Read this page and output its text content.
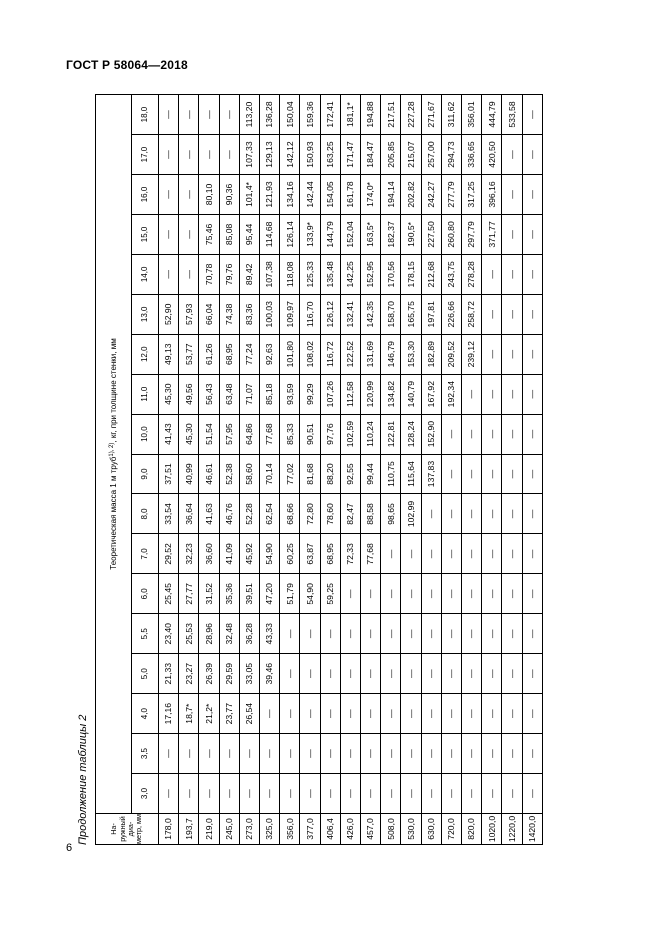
ГОСТ Р 58064—2018
6
Продолжение таблицы 2	На-ружный диа-метр, мм	Теоретическая масса 1 м труб$^{1), 2)}$, кг, при толщине стенки, мм																	
	3,0	3,5	4,0	5,0	5,5	6,0	7,0	8,0	9,0	10,0	11,0	12,0	13,0	14,0	15,0	16,0	17,0	18,0
178,0	—	—	17,16	21,33	23,40	25,45	29,52	33,54	37,51	41,43	45,30	49,13	52,90	—	—	—	—	—
193,7	—	—	18,7*	23,27	25,53	27,77	32,23	36,64	40,99	45,30	49,56	53,77	57,93	—	—	—	—	—
219,0	—	—	21,2*	26,39	28,96	31,52	36,60	41,63	46,61	51,54	56,43	61,26	66,04	70,78	75,46	80,10	—	—
245,0	—	—	23,77	29,59	32,48	35,36	41,09	46,76	52,38	57,95	63,48	68,95	74,38	79,76	85,08	90,36	—	—
273,0	—	—	26,54	33,05	36,28	39,51	45,92	52,28	58,60	64,86	71,07	77,24	83,36	89,42	95,44	101,4*	107,33	113,20
325,0	—	—	—	39,46	43,33	47,20	54,90	62,54	70,14	77,68	85,18	92,63	100,03	107,38	114,68	121,93	129,13	136,28
356,0	—	—	—	—	—	51,79	60,25	68,66	77,02	85,33	93,59	101,80	109,97	118,08	126,14	134,16	142,12	150,04
377,0	—	—	—	—	—	54,90	63,87	72,80	81,68	90,51	99,29	108,02	116,70	125,33	133,9*	142,44	150,93	159,36
406,4	—	—	—	—	—	59,25	68,95	78,60	88,20	97,76	107,26	116,72	126,12	135,48	144,79	154,05	163,25	172,41
426,0	—	—	—	—	—	—	72,33	82,47	92,55	102,59	112,58	122,52	132,41	142,25	152,04	161,78	171,47	181,1*
457,0	—	—	—	—	—	—	77,68	88,58	99,44	110,24	120,99	131,69	142,35	152,95	163,5*	174,0*	184,47	194,88
508,0	—	—	—	—	—	—	—	98,65	110,75	122,81	134,82	146,79	158,70	170,56	182,37	194,14	205,85	217,51
530,0	—	—	—	—	—	—	—	102,99	115,64	128,24	140,79	153,30	165,75	178,15	190,5*	202,82	215,07	227,28
630,0	—	—	—	—	—	—	—	—	137,83	152,90	167,92	182,89	197,81	212,68	227,50	242,27	257,00	271,67
720,0	—	—	—	—	—	—	—	—	—	—	192,34	209,52	226,66	243,75	260,80	277,79	294,73	311,62
820,0	—	—	—	—	—	—	—	—	—	—	—	239,12	258,72	278,28	297,79	317,25	336,65	356,01
1020,0	—	—	—	—	—	—	—	—	—	—	—	—	—	—	371,77	396,16	420,50	444,79
1220,0	—	—	—	—	—	—	—	—	—	—	—	—	—	—	—	—	—	533,58
1420,0	—	—	—	—	—	—	—	—	—	—	—	—	—	—	—	—	—	—
